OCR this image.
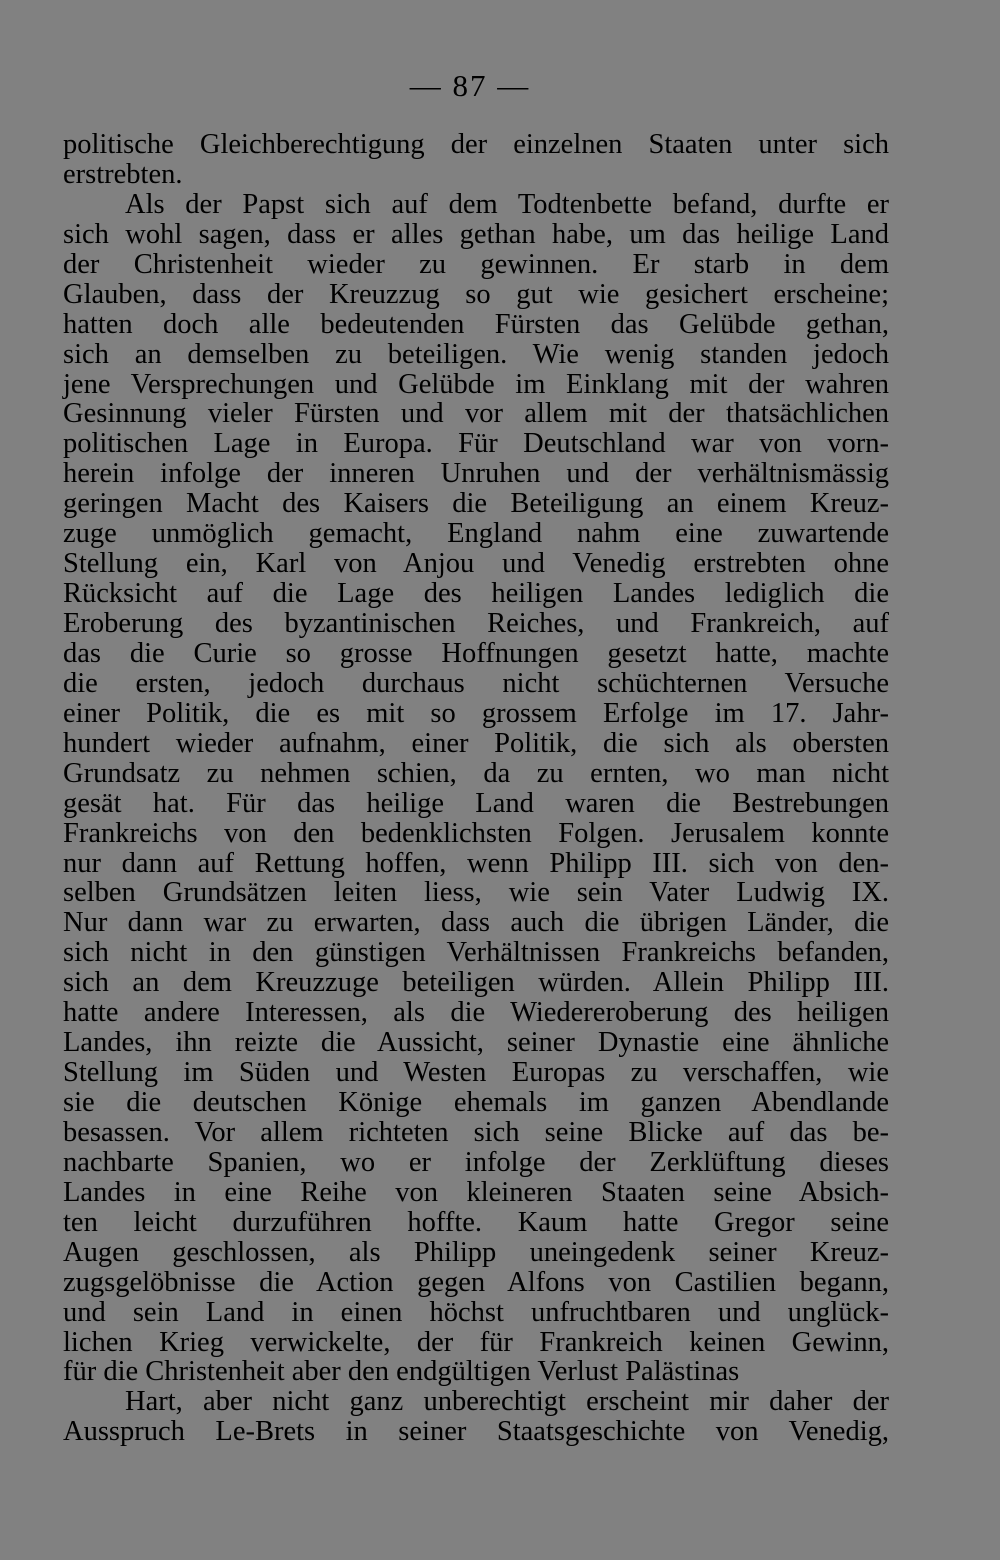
— 87 —
politische Gleichberechtigung der einzelnen Staaten unter sich
erstrebten.
Als der Papst sich auf dem Todtenbette befand, durfte er
sich wohl sagen, dass er alles gethan habe, um das heilige Land
der Christenheit wieder zu gewinnen. Er starb in dem
Glauben, dass der Kreuzzug so gut wie gesichert erscheine;
hatten doch alle bedeutenden Fürsten das Gelübde gethan,
sich an demselben zu beteiligen. Wie wenig standen jedoch
jene Versprechungen und Gelübde im Einklang mit der wahren
Gesinnung vieler Fürsten und vor allem mit der thatsächlichen
politischen Lage in Europa. Für Deutschland war von vorn-
herein infolge der inneren Unruhen und der verhältnismässig
geringen Macht des Kaisers die Beteiligung an einem Kreuz-
zuge unmöglich gemacht, England nahm eine zuwartende
Stellung ein, Karl von Anjou und Venedig erstrebten ohne
Rücksicht auf die Lage des heiligen Landes lediglich die
Eroberung des byzantinischen Reiches, und Frankreich, auf
das die Curie so grosse Hoffnungen gesetzt hatte, machte
die ersten, jedoch durchaus nicht schüchternen Versuche
einer Politik, die es mit so grossem Erfolge im 17. Jahr-
hundert wieder aufnahm, einer Politik, die sich als obersten
Grundsatz zu nehmen schien, da zu ernten, wo man nicht
gesät hat. Für das heilige Land waren die Bestrebungen
Frankreichs von den bedenklichsten Folgen. Jerusalem konnte
nur dann auf Rettung hoffen, wenn Philipp III. sich von den-
selben Grundsätzen leiten liess, wie sein Vater Ludwig IX.
Nur dann war zu erwarten, dass auch die übrigen Länder, die
sich nicht in den günstigen Verhältnissen Frankreichs befanden,
sich an dem Kreuzzuge beteiligen würden. Allein Philipp III.
hatte andere Interessen, als die Wiedereroberung des heiligen
Landes, ihn reizte die Aussicht, seiner Dynastie eine ähnliche
Stellung im Süden und Westen Europas zu verschaffen, wie
sie die deutschen Könige ehemals im ganzen Abendlande
besassen. Vor allem richteten sich seine Blicke auf das be-
nachbarte Spanien, wo er infolge der Zerklüftung dieses
Landes in eine Reihe von kleineren Staaten seine Absich-
ten leicht durzuführen hoffte. Kaum hatte Gregor seine
Augen geschlossen, als Philipp uneingedenk seiner Kreuz-
zugsgelöbnisse die Action gegen Alfons von Castilien begann,
und sein Land in einen höchst unfruchtbaren und unglück-
lichen Krieg verwickelte, der für Frankreich keinen Gewinn,
für die Christenheit aber den endgültigen Verlust Palästinas
Hart, aber nicht ganz unberechtigt erscheint mir daher der
Ausspruch Le-Brets in seiner Staatsgeschichte von Venedig,
